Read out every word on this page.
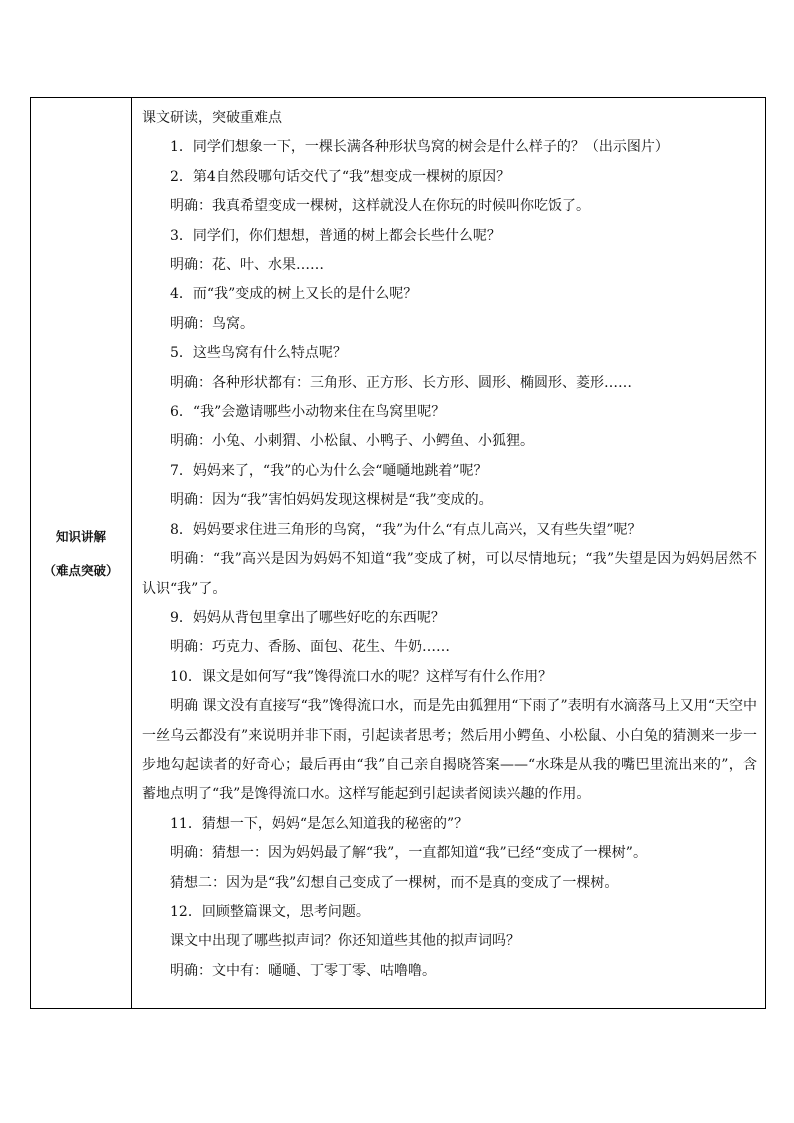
知识讲解
（难点突破）

课文研读，突破重难点

1．同学们想象一下，一棵长满各种形状鸟窝的树会是什么样子的？（出示图片）

2．第4自然段哪句话交代了“我”想变成一棵树的原因？

明确：我真希望变成一棵树，这样就没人在你玩的时候叫你吃饭了。

3．同学们，你们想想，普通的树上都会长些什么呢？

明确：花、叶、水果……

4．而“我”变成的树上又长的是什么呢？

明确：鸟窝。

5．这些鸟窝有什么特点呢？

明确：各种形状都有：三角形、正方形、长方形、圆形、椭圆形、菱形……

6．“我”会邀请哪些小动物来住在鸟窝里呢？

明确：小兔、小刺猬、小松鼠、小鸭子、小鳄鱼、小狐狸。

7．妈妈来了，“我”的心为什么会“嗵嗵地跳着”呢？

明确：因为“我”害怕妈妈发现这棵树是“我”变成的。

8．妈妈要求住进三角形的鸟窝，“我”为什么“有点儿高兴，又有些失望”呢？

明确：“我”高兴是因为妈妈不知道“我”变成了树，可以尽情地玩；“我”失望是因为妈妈居然不认识“我”了。

9．妈妈从背包里拿出了哪些好吃的东西呢？

明确：巧克力、香肠、面包、花生、牛奶……

10．课文是如何写“我”馋得流口水的呢？这样写有什么作用？

明确 课文没有直接写“我”馋得流口水，而是先由狐狸用“下雨了”表明有水滴落马上又用“天空中一丝乌云都没有”来说明并非下雨，引起读者思考；然后用小鳄鱼、小松鼠、小白兔的猜测来一步一步地勾起读者的好奇心；最后再由“我”自己亲自揭晓答案——“水珠是从我的嘴巴里流出来的”，含蓄地点明了“我”是馋得流口水。这样写能起到引起读者阅读兴趣的作用。

11．猜想一下，妈妈“是怎么知道我的秘密的”？

明确：猜想一：因为妈妈最了解“我”，一直都知道“我”已经“变成了一棵树”。

猜想二：因为是“我”幻想自己变成了一棵树，而不是真的变成了一棵树。

12．回顾整篇课文，思考问题。

课文中出现了哪些拟声词？你还知道些其他的拟声词吗？

明确：文中有：嗵嗵、丁零丁零、咕噜噜。
